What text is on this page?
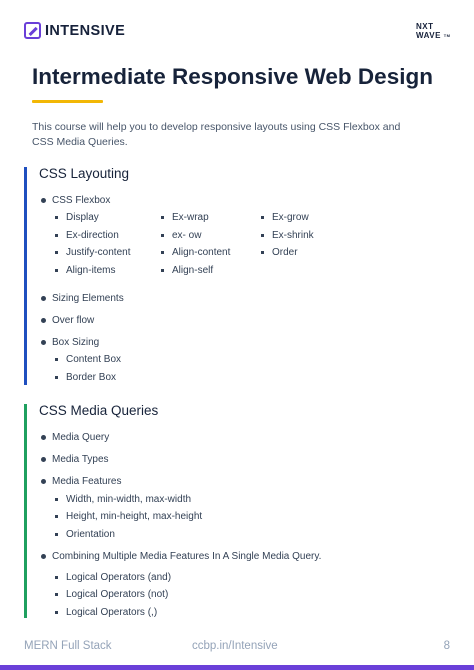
INTENSIVE	NXT
WAVE ™
Intermediate Responsive Web Design

This course will help you to develop responsive layouts using CSS Flexbox and CSS Media Queries.

CSS Layouting
CSS Flexbox
Display	Ex-wrap	Ex-grow
Ex-direction	ex- ow	Ex-shrink
Justify-content	Align-content	Order
Align-items	Align-self
Sizing Elements
Over flow
Box Sizing
Content Box
Border Box
CSS Media Queries
Media Query
Media Types
Media Features
Width, min-width, max-width
Height, min-height, max-height
Orientation
Combining Multiple Media Features In A Single Media Query.
Logical Operators (and)
Logical Operators (not)
Logical Operators (,)
MERN Full Stack	ccbp.in/Intensive	8
